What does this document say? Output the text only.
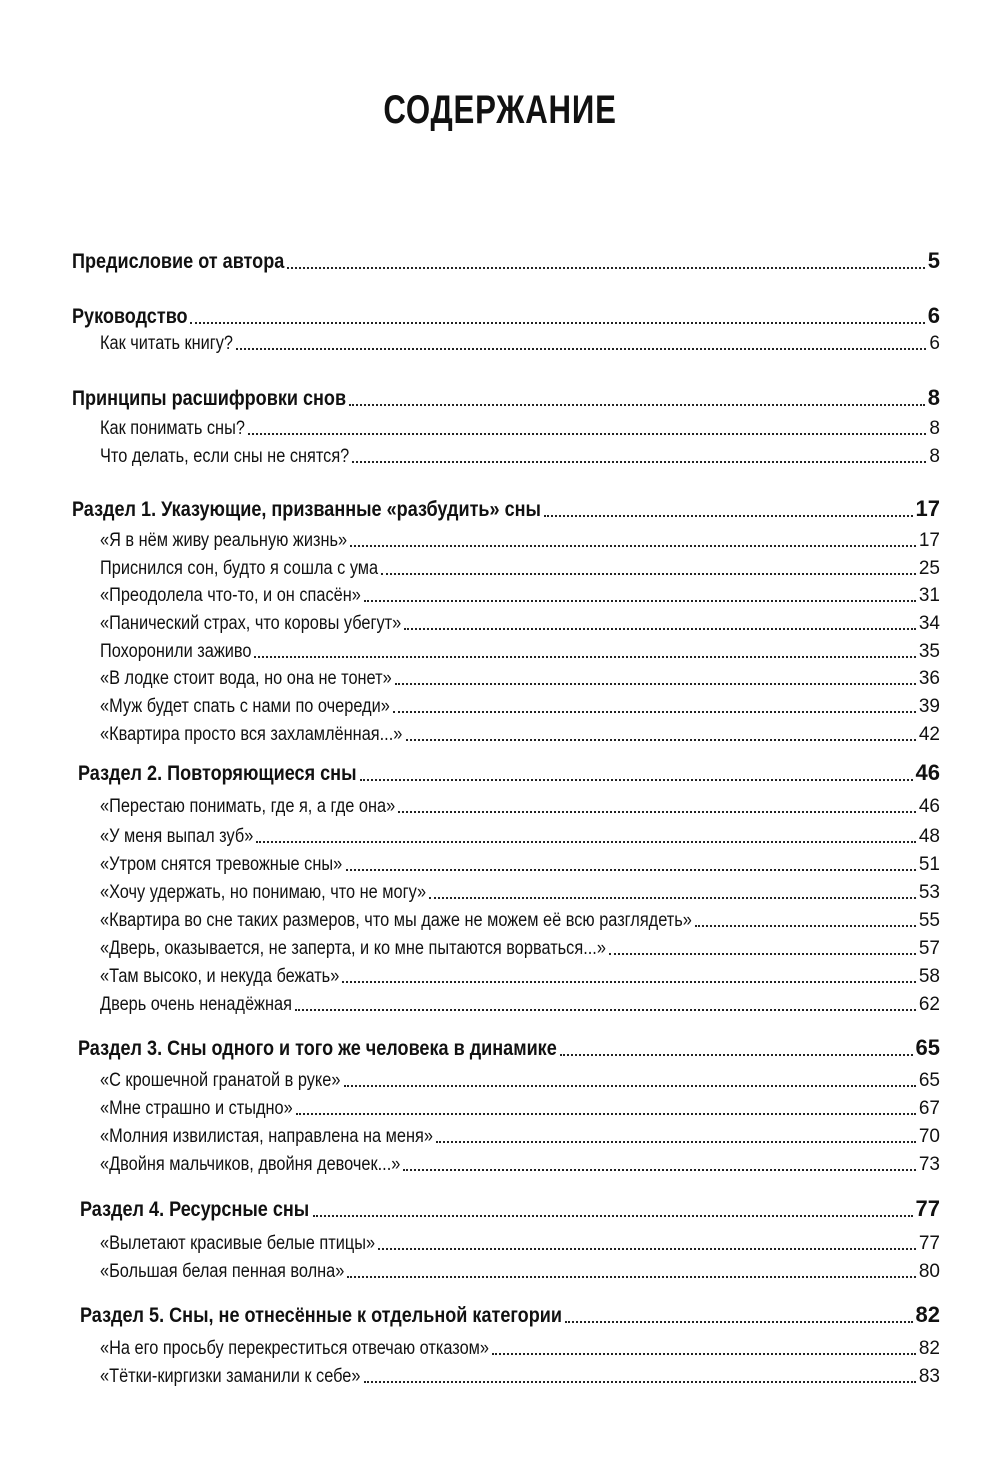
СОДЕРЖАНИЕ
Предисловие от автора	5
Руководство	6
Как читать книгу?	6
Принципы расшифровки снов	8
Как понимать сны?	8
Что делать, если сны не снятся?	8
Раздел 1. Указующие, призванные «разбудить» сны	17
«Я в нём живу реальную жизнь»	17
Приснился сон, будто я сошла с ума	25
«Преодолела что-то, и он спасён»	31
«Панический страх, что коровы убегут»	34
Похоронили заживо	35
«В лодке стоит вода, но она не тонет»	36
«Муж будет спать с нами по очереди»	39
«Квартира просто вся захламлённая...»	42
Раздел 2. Повторяющиеся сны	46
«Перестаю понимать, где я, а где она»	46
«У меня выпал зуб»	48
«Утром снятся тревожные сны»	51
«Хочу удержать, но понимаю, что не могу»	53
«Квартира во сне таких размеров, что мы даже не можем её всю разглядеть»	55
«Дверь, оказывается, не заперта, и ко мне пытаются ворваться...»	57
«Там высоко, и некуда бежать»	58
Дверь очень ненадёжная	62
Раздел 3. Сны одного и того же человека в динамике	65
«С крошечной гранатой в руке»	65
«Мне страшно и стыдно»	67
«Молния извилистая, направлена на меня»	70
«Двойня мальчиков, двойня девочек...»	73
Раздел 4. Ресурсные сны	77
«Вылетают красивые белые птицы»	77
«Большая белая пенная волна»	80
Раздел 5. Сны, не отнесённые к отдельной категории	82
«На его просьбу перекреститься отвечаю отказом»	82
«Тётки-киргизки заманили к себе»	83
